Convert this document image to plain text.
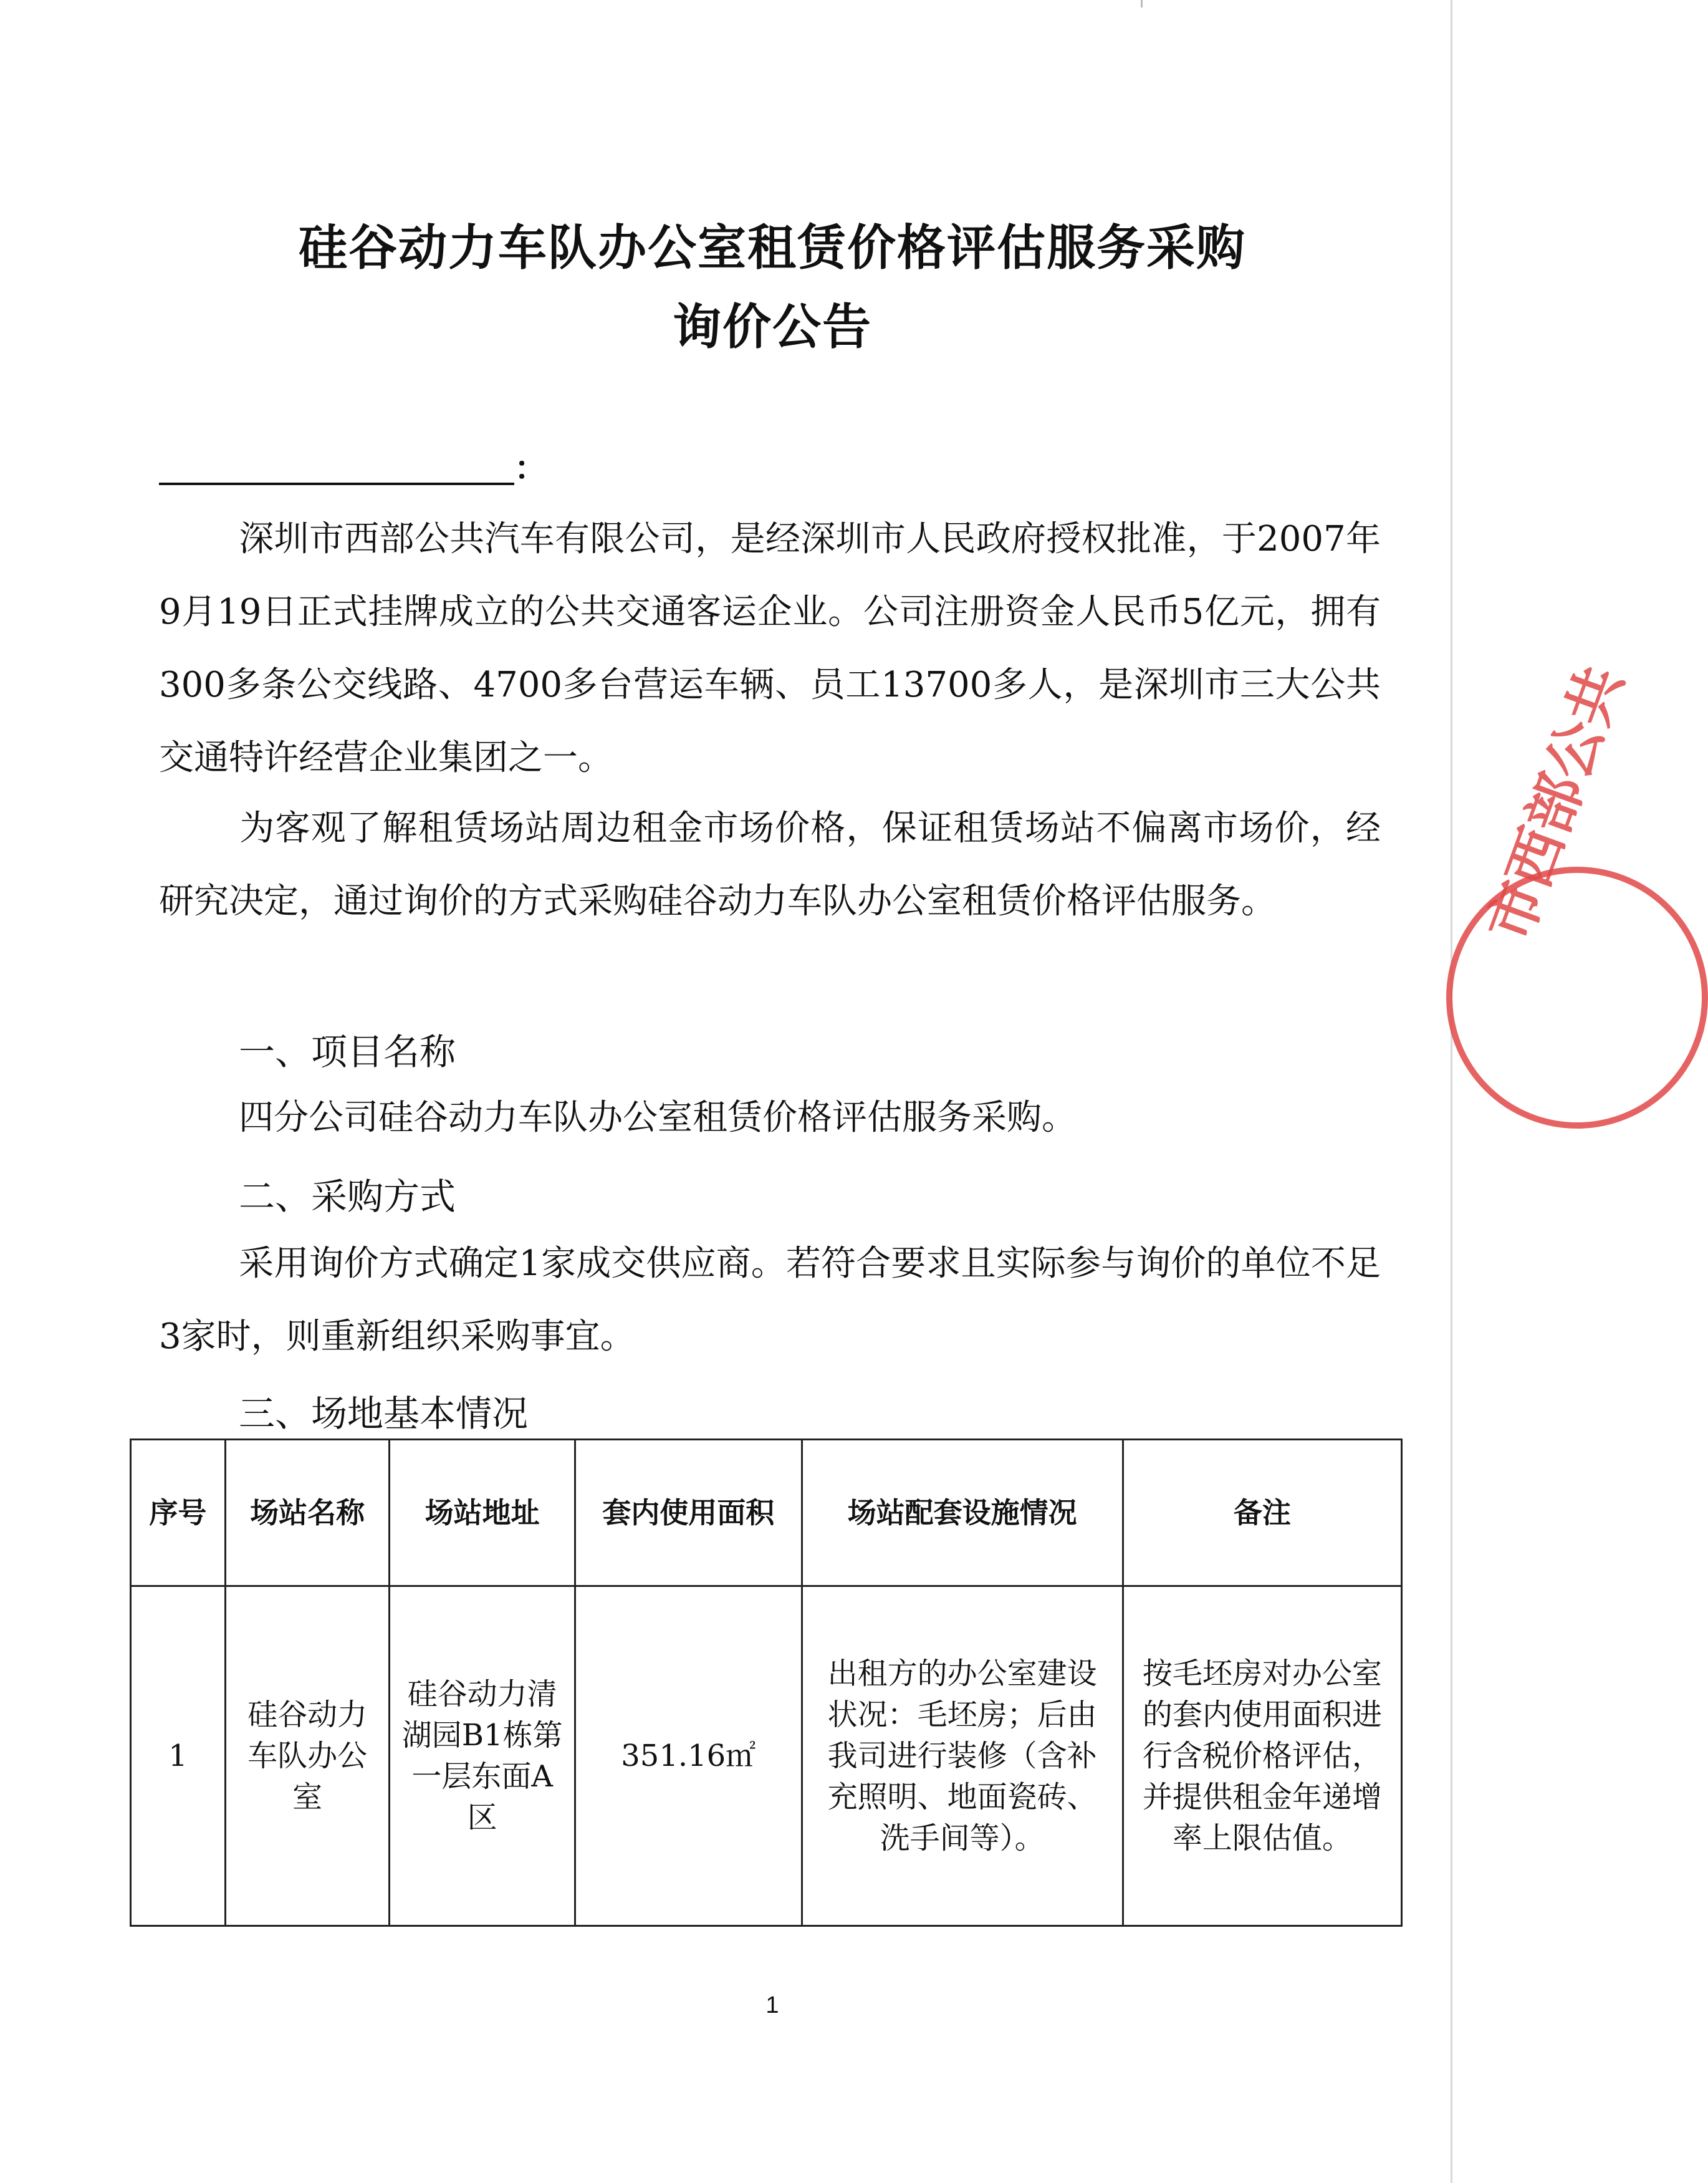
硅谷动力车队办公室租赁价格评估服务采购
询价公告
：

深圳市西部公共汽车有限公司，是经深圳市人民政府授权批准，于2007年9月19日正式挂牌成立的公共交通客运企业。公司注册资金人民币5亿元，拥有300多条公交线路、4700多台营运车辆、员工13700多人，是深圳市三大公共交通特许经营企业集团之一。

为客观了解租赁场站周边租金市场价格，保证租赁场站不偏离市场价，经研究决定，通过询价的方式采购硅谷动力车队办公室租赁价格评估服务。

一、项目名称

四分公司硅谷动力车队办公室租赁价格评估服务采购。

二、采购方式

采用询价方式确定1家成交供应商。若符合要求且实际参与询价的单位不足3家时，则重新组织采购事宜。

三、场地基本情况
序号	场站名称	场站地址	套内使用面积	场站配套设施情况	备注
1	硅谷动力车队办公室	硅谷动力清湖园B1栋第一层东面A区	351.16㎡	出租方的办公室建设状况：毛坯房；后由我司进行装修（含补充照明、地面瓷砖、洗手间等）。	按毛坯房对办公室的套内使用面积进行含税价格评估，并提供租金年递增率上限估值。
市西部公共
1
